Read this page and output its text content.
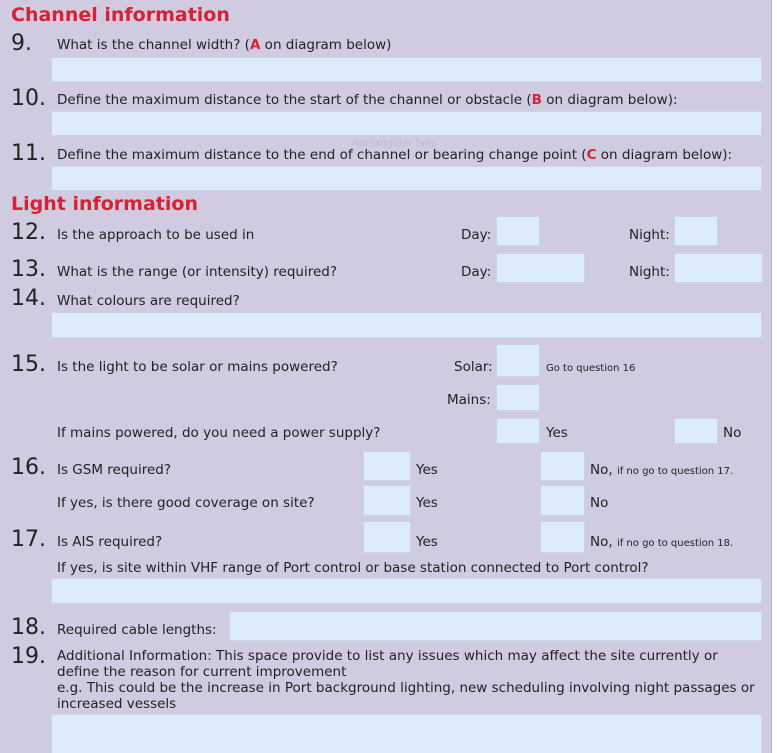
Channel information
9. What is the channel width? (A on diagram below)
10. Define the maximum distance to the start of the channel or obstacle (B on diagram below):
Rectangular Snip
11. Define the maximum distance to the end of channel or bearing change point (C on diagram below):
Light information
12. Is the approach to be used in	Day:	Night:
13. What is the range (or intensity) required?	Day:	Night:
14. What colours are required?
15. Is the light to be solar or mains powered?	Solar:	Go to question 16
Mains:
If mains powered, do you need a power supply?	Yes	No
16. Is GSM required?	Yes	No, if no go to question 17.
If yes, is there good coverage on site?	Yes	No
17. Is AIS required?	Yes	No, if no go to question 18.
If yes, is site within VHF range of Port control or base station connected to Port control?
18. Required cable lengths:
19. Additional Information: This space provide to list any issues which may affect the site currently or define the reason for current improvement
e.g. This could be the increase in Port background lighting, new scheduling involving night passages or increased vessels
